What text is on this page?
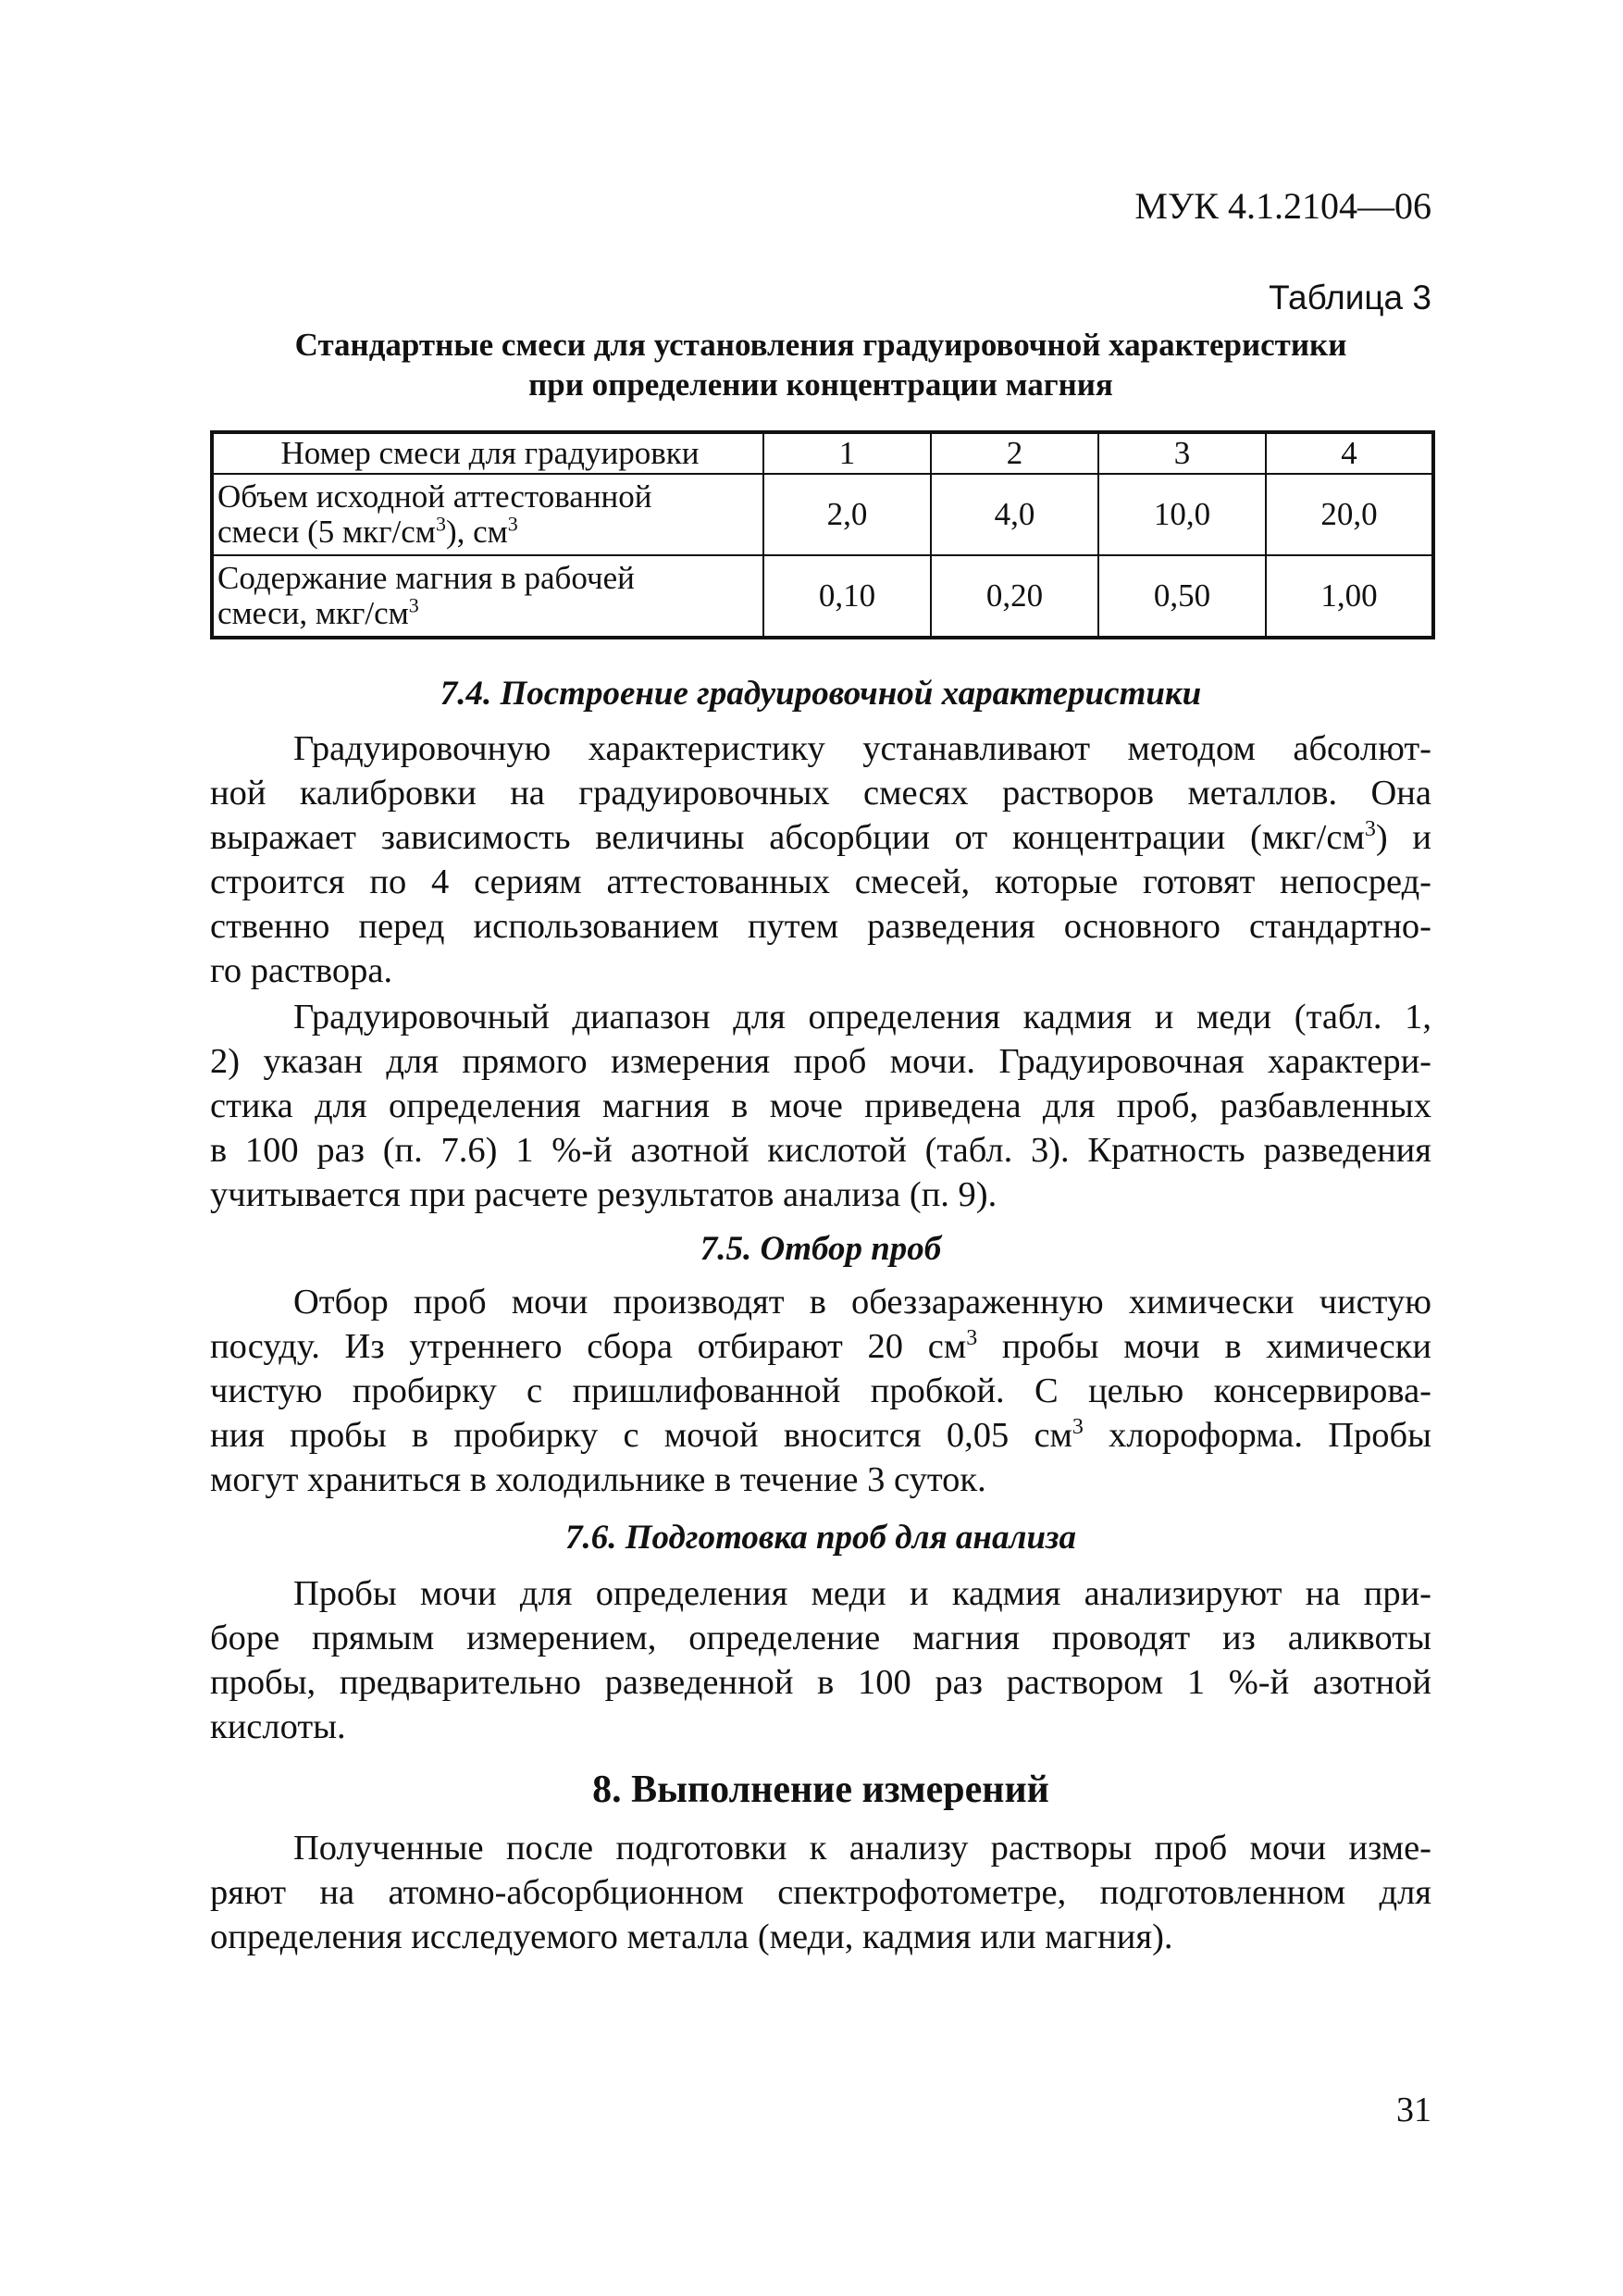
МУК 4.1.2104—06
Таблица 3
Стандартные смеси для установления градуировочной характеристики
при определении концентрации магния
Номер смеси для градуировки	1	2	3	4
Объем исходной аттестованной
смеси (5 мкг/$см^3$), $см^3$	2,0	4,0	10,0	20,0
Содержание магния в рабочей
смеси, мкг/$см^3$	0,10	0,20	0,50	1,00
7.4. Построение градуировочной характеристики
Градуировочную характеристику устанавливают методом абсолют-
ной калибровки на градуировочных смесях растворов металлов. Она
выражает зависимость величины абсорбции от концентрации $(мкг/см^3)$ и
строится по 4 сериям аттестованных смесей, которые готовят непосред-
ственно перед использованием путем разведения основного стандартно-
го раствора.
Градуировочный диапазон для определения кадмия и меди (табл. 1,
2) указан для прямого измерения проб мочи. Градуировочная характери-
стика для определения магния в моче приведена для проб, разбавленных
в 100 раз (п. 7.6) 1 %-й азотной кислотой (табл. 3). Кратность разведения
учитывается при расчете результатов анализа (п. 9).
7.5. Отбор проб
Отбор проб мочи производят в обеззараженную химически чистую
посуду. Из утреннего сбора отбирают 20 $см^3$ пробы мочи в химически
чистую пробирку с пришлифованной пробкой. С целью консервирова-
ния пробы в пробирку с мочой вносится 0,05 $см^3$ хлороформа. Пробы
могут храниться в холодильнике в течение 3 суток.
7.6. Подготовка проб для анализа
Пробы мочи для определения меди и кадмия анализируют на при-
боре прямым измерением, определение магния проводят из аликвоты
пробы, предварительно разведенной в 100 раз раствором 1 %-й азотной
кислоты.
8. Выполнение измерений
Полученные после подготовки к анализу растворы проб мочи изме-
ряют на атомно-абсорбционном спектрофотометре, подготовленном для
определения исследуемого металла (меди, кадмия или магния).
31
